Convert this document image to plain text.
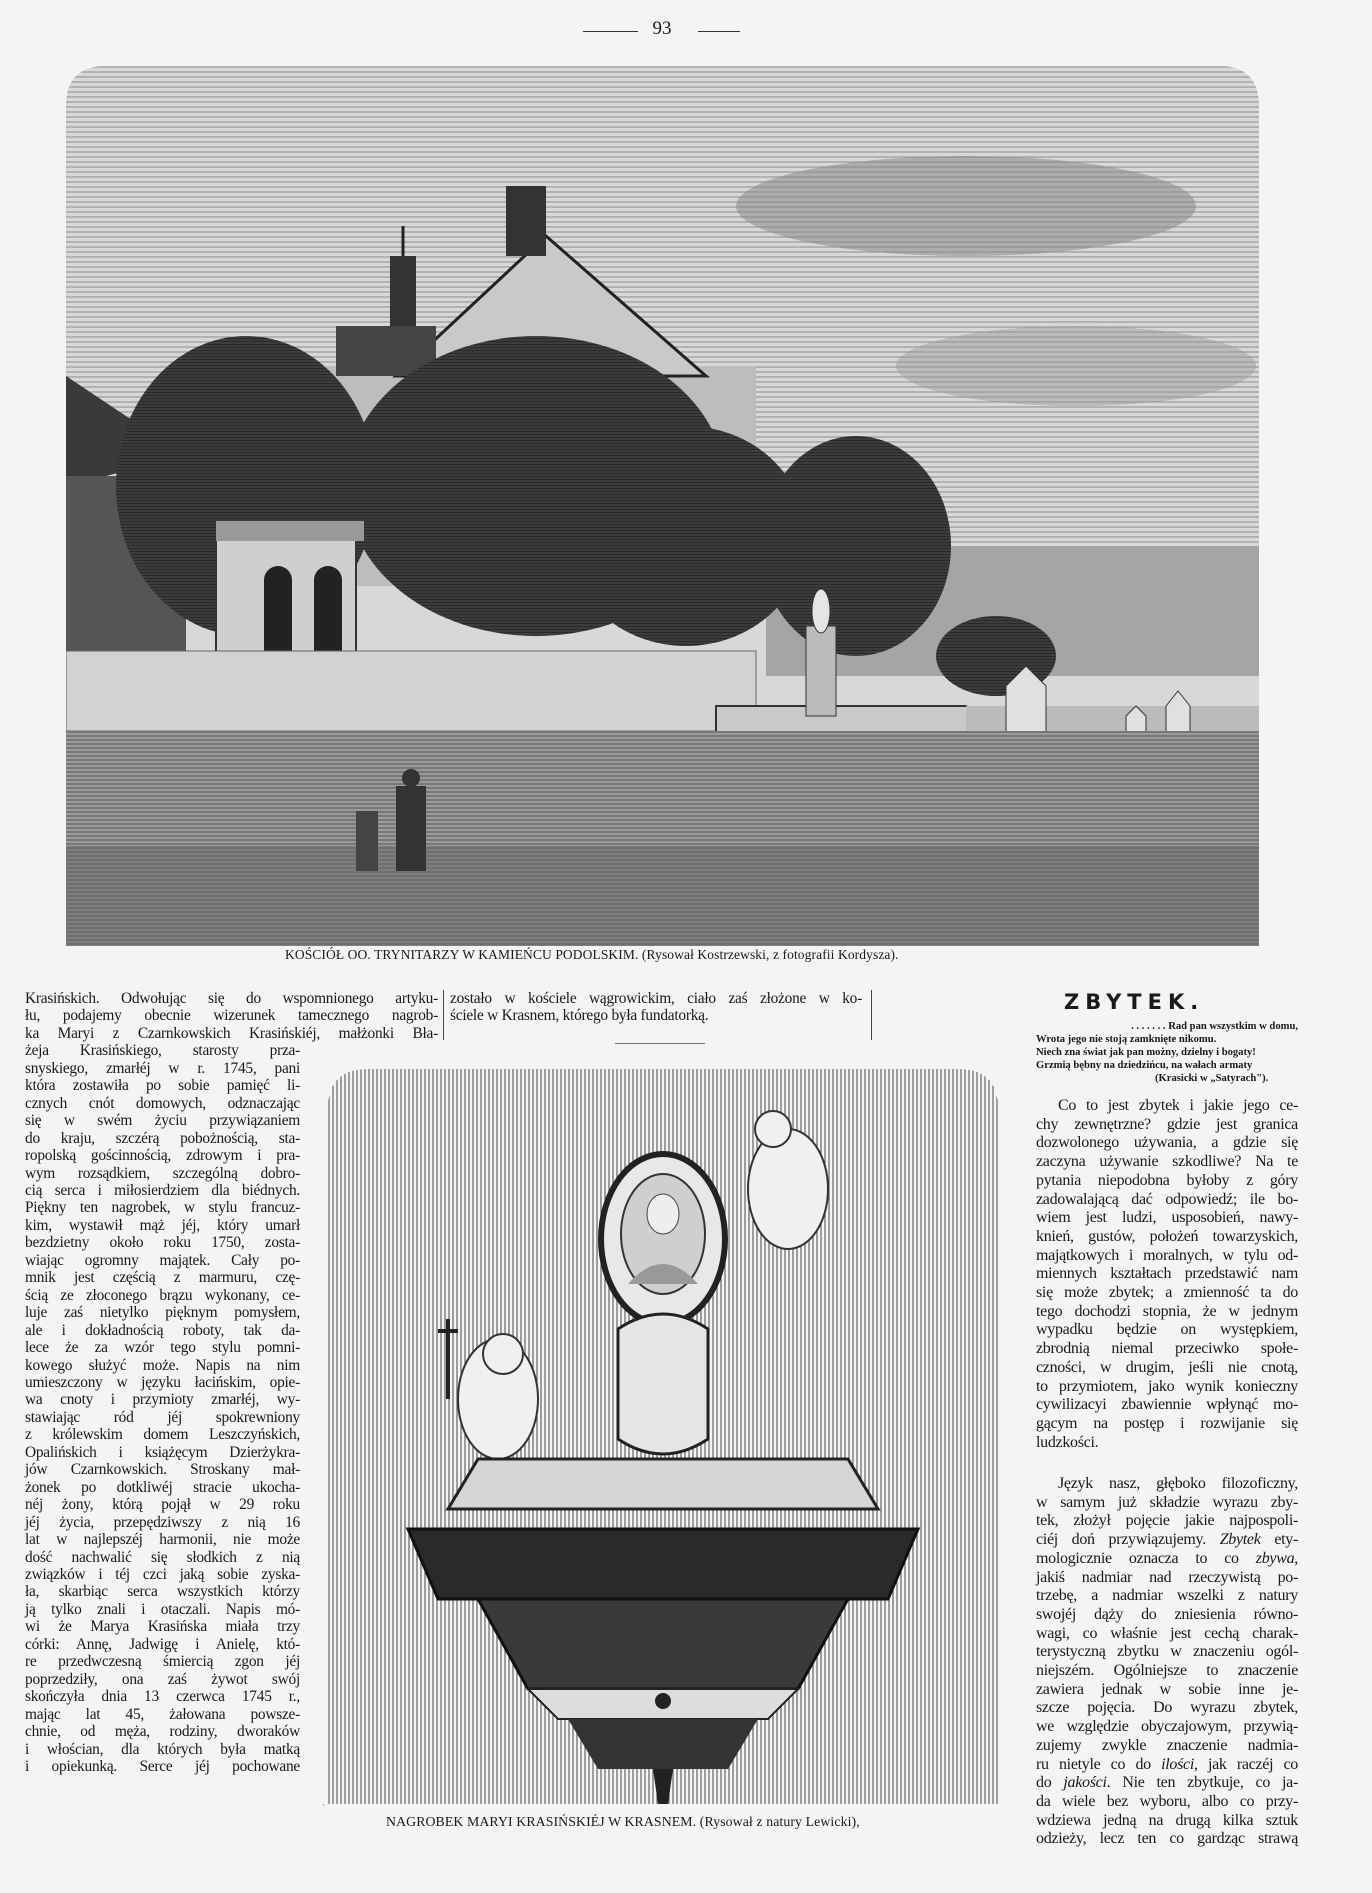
93
KOŚCIÓŁ OO. TRYNITARZY W KAMIEŃCU PODOLSKIM. (Rysował Kostrzewski, z fotografii Kordysza).
Krasińskich. Odwołując się do wspomnionego artyku-
łu, podajemy obecnie wizerunek tamecznego nagrob-
ka Maryi z Czarnkowskich Krasińskiéj, małżonki Bła-
żeja Krasińskiego, starosty prza-
snyskiego, zmarłéj w r. 1745, pani
która zostawiła po sobie pamięć li-
cznych cnót domowych, odznaczając
się w swém życiu przywiązaniem
do kraju, szczérą pobożnością, sta-
ropolską gościnnością, zdrowym i pra-
wym rozsądkiem, szczególną dobro-
cią serca i miłosierdziem dla biédnych.
Piękny ten nagrobek, w stylu francuz-
kim, wystawił mąż jéj, który umarł
bezdzietny około roku 1750, zosta-
wiając ogromny majątek. Cały po-
mnik jest częścią z marmuru, czę-
ścią ze złoconego brązu wykonany, ce-
luje zaś nietylko pięknym pomysłem,
ale i dokładnością roboty, tak da-
lece że za wzór tego stylu pomni-
kowego służyć może. Napis na nim
umieszczony w języku łacińskim, opie-
wa cnoty i przymioty zmarłéj, wy-
stawiając ród jéj spokrewniony
z królewskim domem Leszczyńskich,
Opalińskich i książęcym Dzierżykra-
jów Czarnkowskich. Stroskany mał-
żonek po dotkliwéj stracie ukocha-
néj żony, którą pojął w 29 roku
jéj życia, przepędziwszy z nią 16
lat w najlepszéj harmonii, nie może
dość nachwalić się słodkich z nią
związków i téj czci jaką sobie zyska-
ła, skarbiąc serca wszystkich którzy
ją tylko znali i otaczali. Napis mó-
wi że Marya Krasińska miała trzy
córki: Annę, Jadwigę i Anielę, któ-
re przedwczesną śmiercią zgon jéj
poprzedziły, ona zaś żywot swój
skończyła dnia 13 czerwca 1745 r.,
mając lat 45, żałowana powsze-
chnie, od męża, rodziny, dworaków
i włościan, dla których była matką
i opiekunką. Serce jéj pochowane
zostało w kościele wągrowickim, ciało zaś złożone w ko-
ściele w Krasnem, którego była fundatorką.
·
NAGROBEK MARYI KRASIŃSKIÉJ W KRASNEM. (Rysował z natury Lewicki),
ZBYTEK.
. . . . . . . Rad pan wszystkim w domu,
Wrota jego nie stoją zamknięte nikomu.
Niech zna świat jak pan możny, dzielny i bogaty!
Grzmią bębny na dziedzińcu, na wałach armaty
(Krasicki w „Satyrach").
Co to jest zbytek i jakie jego ce-
chy zewnętrzne? gdzie jest granica
dozwolonego używania, a gdzie się
zaczyna używanie szkodliwe? Na te
pytania niepodobna byłoby z góry
zadowalającą dać odpowiedź; ile bo-
wiem jest ludzi, usposobień, nawy-
knień, gustów, położeń towarzyskich,
majątkowych i moralnych, w tylu od-
miennych kształtach przedstawić nam
się może zbytek; a zmienność ta do
tego dochodzi stopnia, że w jednym
wypadku będzie on występkiem,
zbrodnią niemal przeciwko społe-
czności, w drugim, jeśli nie cnotą,
to przymiotem, jako wynik konieczny
cywilizacyi zbawiennie wpłynąć mo-
gącym na postęp i rozwijanie się
ludzkości.
Język nasz, głęboko filozoficzny,
w samym już składzie wyrazu zby-
tek, złożył pojęcie jakie najpospoli-
ciéj doń przywiązujemy. Zbytek ety-
mologicznie oznacza to co zbywa,
jakiś nadmiar nad rzeczywistą po-
trzebę, a nadmiar wszelki z natury
swojéj dąży do zniesienia równo-
wagi, co właśnie jest cechą charak-
terystyczną zbytku w znaczeniu ogól-
niejszém. Ogólniejsze to znaczenie
zawiera jednak w sobie inne je-
szcze pojęcia. Do wyrazu zbytek,
we względzie obyczajowym, przywią-
zujemy zwykle znaczenie nadmia-
ru nietyle co do ilości, jak raczéj co
do jakości. Nie ten zbytkuje, co ja-
da wiele bez wyboru, albo co przy-
wdziewa jedną na drugą kilka sztuk
odzieży, lecz ten co gardząc strawą
